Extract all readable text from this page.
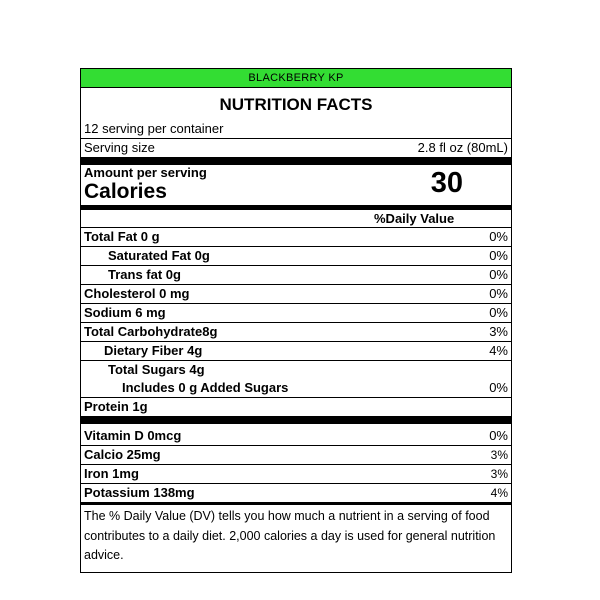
BLACKBERRY KP
NUTRITION FACTS
12 serving per container
Serving size	2.8 fl oz (80mL)
Amount per serving
Calories	30
%Daily Value
Total Fat 0 g	0%
Saturated Fat 0g	0%
Trans fat 0g	0%
Cholesterol 0 mg	0%
Sodium 6 mg	0%
Total Carbohydrate8g	3%
Dietary Fiber 4g	4%
Total Sugars 4g
Includes 0 g Added Sugars	0%
Protein 1g
Vitamin D 0mcg	0%
Calcio 25mg	3%
Iron 1mg	3%
Potassium 138mg	4%
The % Daily Value (DV) tells you how much a nutrient in a serving of food contributes to a daily diet. 2,000 calories a day is used for general nutrition advice.
